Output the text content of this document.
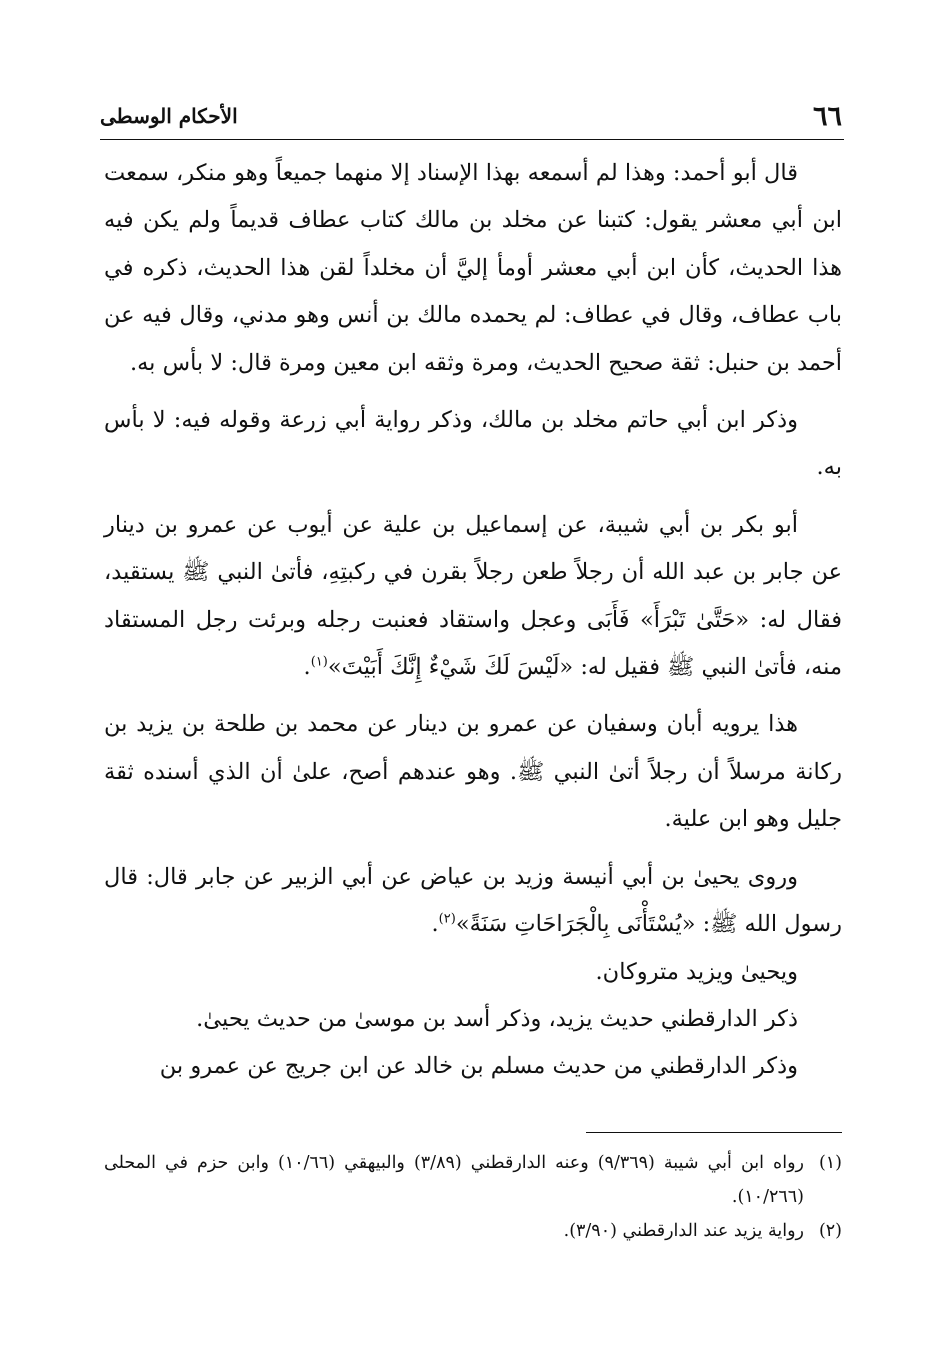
٦٦
الأحكام الوسطى

قال أبو أحمد: وهذا لم أسمعه بهذا الإسناد إلا منهما جميعاً وهو منكر، سمعت ابن أبي معشر يقول: كتبنا عن مخلد بن مالك كتاب عطاف قديماً ولم يكن فيه هذا الحديث، كأن ابن أبي معشر أومأ إليَّ أن مخلداً لقن هذا الحديث، ذكره في باب عطاف، وقال في عطاف: لم يحمده مالك بن أنس وهو مدني، وقال فيه عن أحمد بن حنبل: ثقة صحيح الحديث، ومرة وثقه ابن معين ومرة قال: لا بأس به.

وذكر ابن أبي حاتم مخلد بن مالك، وذكر رواية أبي زرعة وقوله فيه: لا بأس به.

أبو بكر بن أبي شيبة، عن إسماعيل بن علية عن أيوب عن عمرو بن دينار عن جابر بن عبد الله أن رجلاً طعن رجلاً بقرن في ركبتِهِ، فأتىٰ النبي ﷺ يستقيد، فقال له: «حَتَّىٰ تَبْرَأَ» فَأَبَى وعجل واستقاد فعنبت رجله وبرئت رجل المستقاد منه، فأتىٰ النبي ﷺ فقيل له: «لَيْسَ لَكَ شَيْءٌ إِنَّكَ أَبَيْتَ»$^{(١)}$.

هذا يرويه أبان وسفيان عن عمرو بن دينار عن محمد بن طلحة بن يزيد بن ركانة مرسلاً أن رجلاً أتىٰ النبي ﷺ. وهو عندهم أصح، علىٰ أن الذي أسنده ثقة جليل وهو ابن علية.

وروى يحيىٰ بن أبي أنيسة وزيد بن عياض عن أبي الزبير عن جابر قال: قال رسول الله ﷺ: «يُسْتَأْنَى بِالْجَرَاحَاتِ سَنَةً»$^{(٢)}$.

ويحيىٰ ويزيد متروكان.

ذكر الدارقطني حديث يزيد، وذكر أسد بن موسىٰ من حديث يحيىٰ.

وذكر الدارقطني من حديث مسلم بن خالد عن ابن جريج عن عمرو بن

(١)
رواه ابن أبي شيبة (٩/٣٦٩) وعنه الدارقطني (٣/٨٩) والبيهقي (١٠/٦٦) وابن حزم في المحلى (١٠/٢٦٦).
(٢)
رواية يزيد عند الدارقطني (٣/٩٠).
